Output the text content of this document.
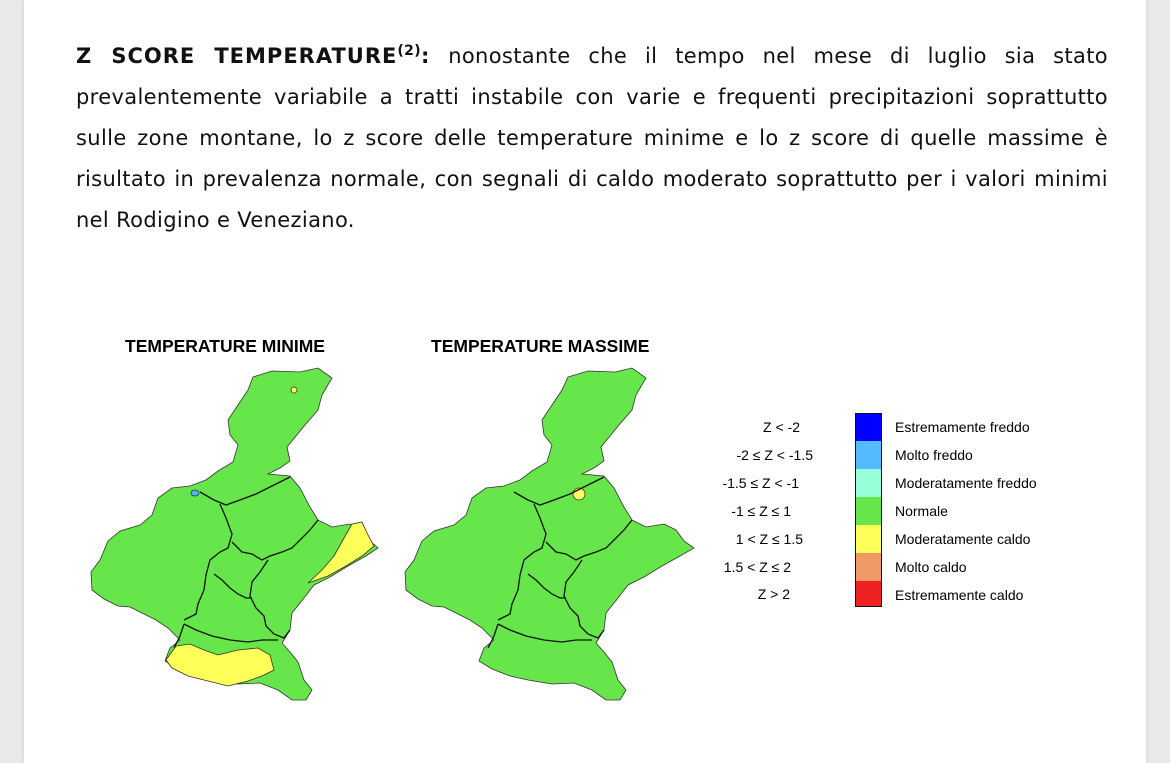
Z SCORE TEMPERATURE$^{(2)}$: nonostante che il tempo nel mese di luglio sia stato prevalentemente variabile a tratti instabile con varie e frequenti precipitazioni soprattutto sulle zone montane, lo z score delle temperature minime e lo z score di quelle massime è risultato in prevalenza normale, con segnali di caldo moderato soprattutto per i valori minimi nel Rodigino e Veneziano.

TEMPERATURE MINIME	TEMPERATURE MASSIME
Z < -2
-2 ≤ Z < -1.5
-1.5 ≤ Z < -1
-1 ≤ Z ≤ 1
1 < Z ≤ 1.5
1.5 < Z ≤ 2
Z > 2
Estremamente freddo
Molto freddo
Moderatamente freddo
Normale
Moderatamente caldo
Molto caldo
Estremamente caldo
